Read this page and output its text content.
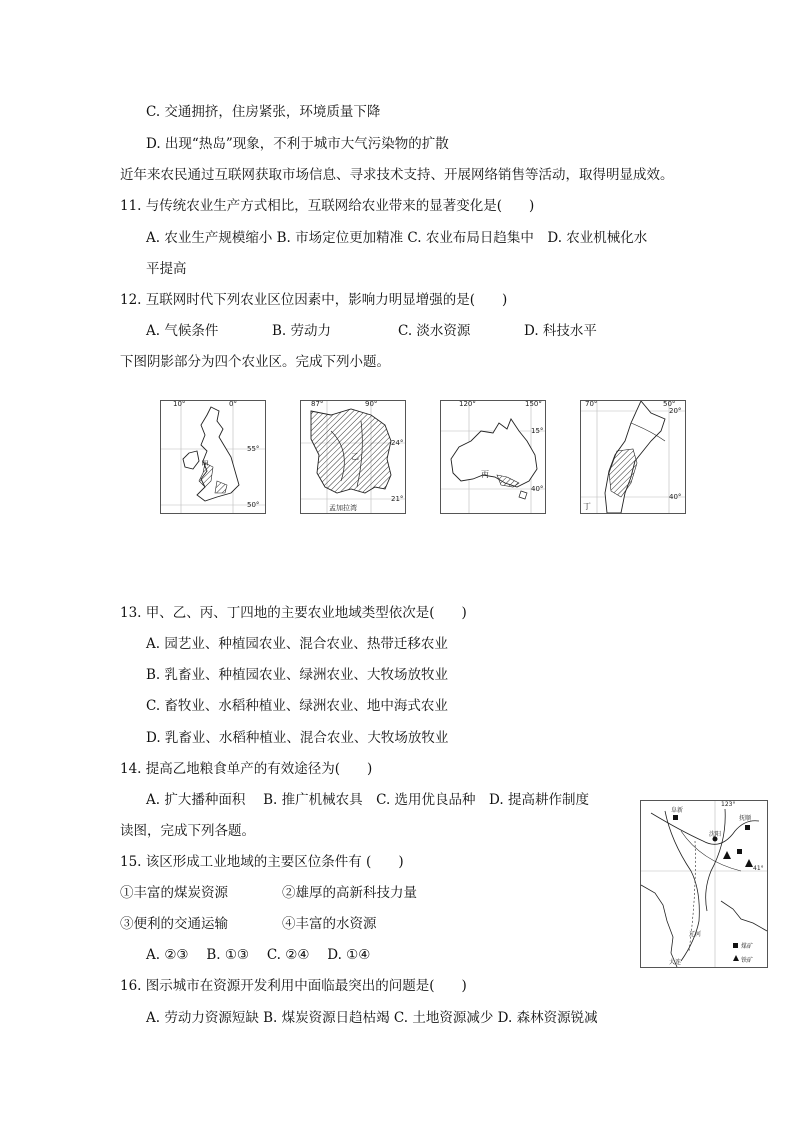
C. 交通拥挤，住房紧张，环境质量下降
D. 出现“热岛”现象，不利于城市大气污染物的扩散
近年来农民通过互联网获取市场信息、寻求技术支持、开展网络销售等活动，取得明显成效。
11. 与传统农业生产方式相比，互联网给农业带来的显著变化是(　　)
A. 农业生产规模缩小 B. 市场定位更加精准 C. 农业布局日趋集中　D. 农业机械化水
平提高
12. 互联网时代下列农业区位因素中，影响力明显增强的是(　　)
A. 气候条件	B. 劳动力	C. 淡水资源	D. 科技水平
下图阴影部分为四个农业区。完成下列小题。
10°	0°
55°
50°
甲
87°	90°
24°
21°
乙
孟加拉湾
120°	150°
15°
40°
丙
70°	50°
20°
40°
丁
13. 甲、乙、丙、丁四地的主要农业地域类型依次是(　　)
A. 园艺业、种植园农业、混合农业、热带迁移农业
B. 乳畜业、种植园农业、绿洲农业、大牧场放牧业
C. 畜牧业、水稻种植业、绿洲农业、地中海式农业
D. 乳畜业、水稻种植业、混合农业、大牧场放牧业
14. 提高乙地粮食单产的有效途径为(　　)
A. 扩大播种面积　 B. 推广机械农具　C. 选用优良品种　D. 提高耕作制度
读图，完成下列各题。
15. 该区形成工业地域的主要区位条件有 (　　)
①丰富的煤炭资源	②雄厚的高新科技力量
③便利的交通运输	④丰富的水资源
A. ②③　 B. ①③　 C. ②④　 D. ①④
16. 图示城市在资源开发利用中面临最突出的问题是(　　)
A. 劳动力资源短缺 B. 煤炭资源日趋枯竭 C. 土地资源减少 D. 森林资源锐减
123°
41°
阜新
抚顺
沈阳
大连
辽河
煤矿
铁矿
